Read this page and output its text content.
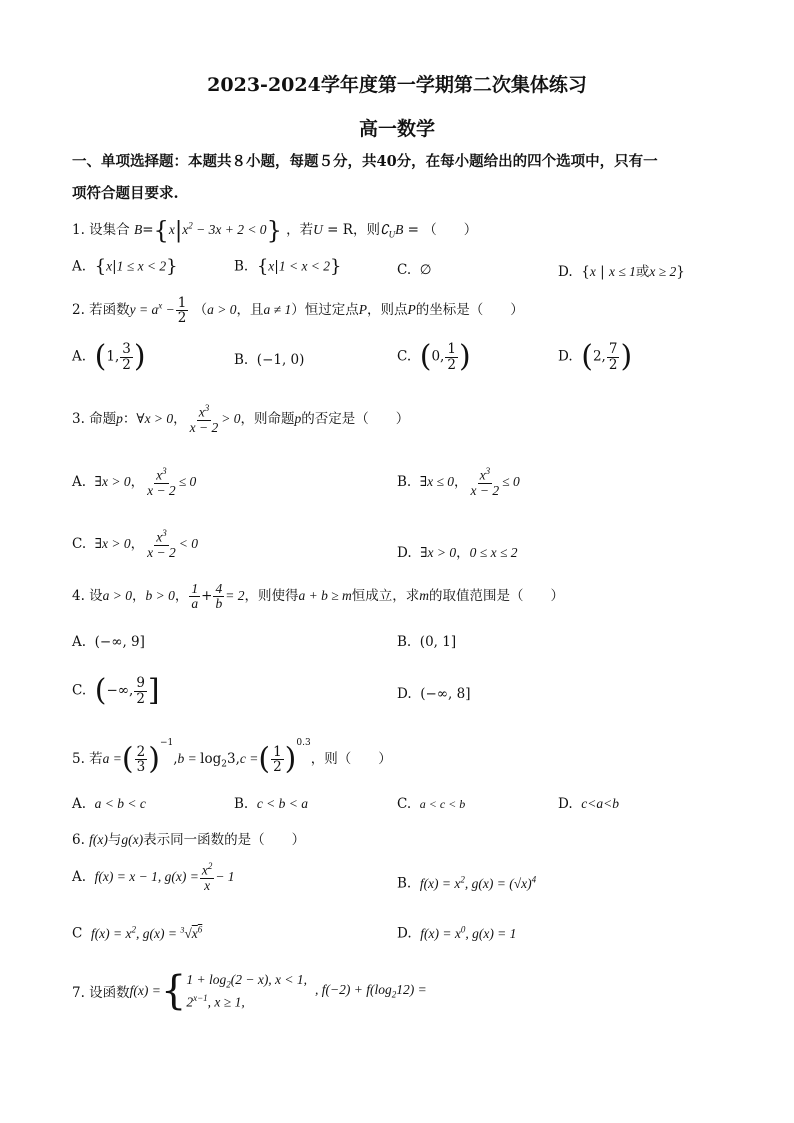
2023-2024学年度第一学期第二次集体练习
高一数学
一、单项选择题：本题共８小题，每题５分，共40分，在每小题给出的四个选项中，只有一
项符合题目要求.
1. 设集合 $B=\{x|x^2 - 3x + 2 < 0\}$ ，若U = R，则$∁_UB$ = （　　）
A. {x|1 ≤ x < 2}	B. {x|1 < x < 2}	C.  ∅	D.  {x | x ≤ 1或x ≥ 2}
2. 若函数$y = a^x - \frac{1}{2} (a > 0$，且a ≠ 1）恒过定点P，则点P的坐标是（　　）
A. (1, $\frac{3}{2}$ )	B.  (−1, 0)	C. (0, $\frac{1}{2}$ )	D. (2, $\frac{7}{2}$ )
3. 命题p：∀x > 0， $\frac{x^3}{x - 2} > 0$，则命题p的否定是（　　）
A. ∃x > 0， $\frac{x^3}{x - 2} \le 0$	B. ∃x ≤ 0， $\frac{x^3}{x - 2} \le 0$
C. ∃x > 0， $\frac{x^3}{x - 2} < 0$
D. ∃x > 0，0 ≤ x ≤ 2
4. 设a > 0，b > 0， $\frac{1}{a} + \frac{4}{b} = 2$，则使得a + b ≥ m恒成立，求m的取值范围是（　　）
A.  (−∞, 9]	B.  (0, 1]
C. (−∞, $\frac{9}{2}$ ]	D.  (−∞, 8]
5. 若a =( $\frac{2}{3} )^{-1},b = \log_23,c$ =( $\frac{1}{2} )^{0.3}$，则（　　）
A. a < b < c	B. c < b < a	C. a < c < b	D. c<a<b
6. f(x)与g(x)表示同一函数的是（　　）
A. f(x) = x − 1, $g(x) = \frac{x^2}{x} - 1$	B. $f(x) = x^2$, $g(x) = (√x)^4$
C $f(x) = x^2$, $g(x) = ^3√x^6$	D. $f(x) = x^0$, g(x) = 1
7. 设函数f(x) = { $1 + \log_2(2 - x)$, x < 1,
$2^{x-1}$, x ≥ 1,
, $f(-2) + f(\log_212)$ =
